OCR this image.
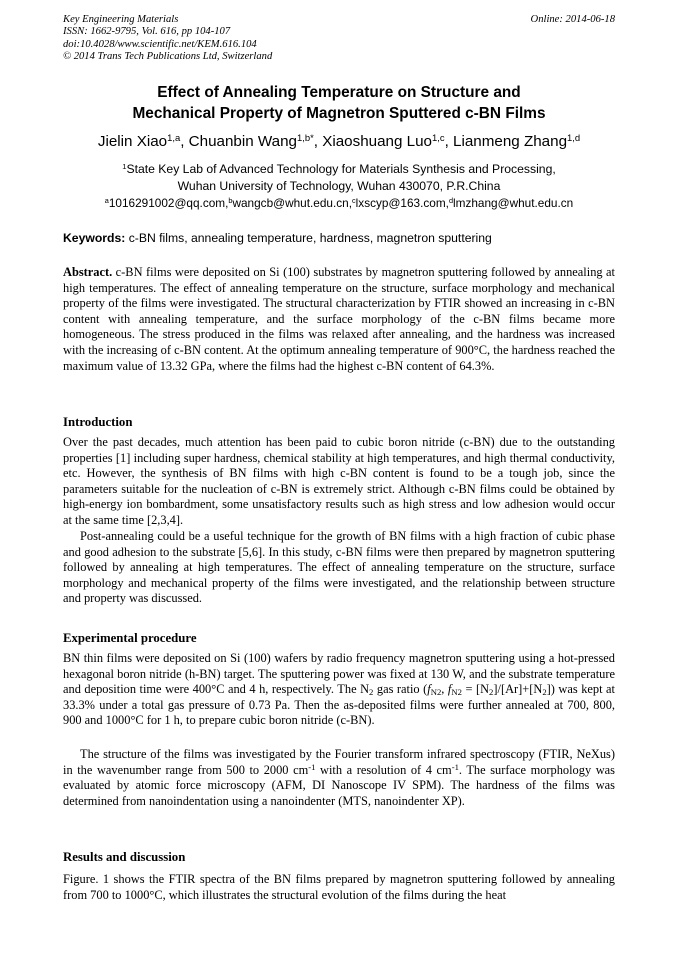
Key Engineering Materials
ISSN: 1662-9795, Vol. 616, pp 104-107
doi:10.4028/www.scientific.net/KEM.616.104
© 2014 Trans Tech Publications Ltd, Switzerland
Online: 2014-06-18
Effect of Annealing Temperature on Structure and
Mechanical Property of Magnetron Sputtered c-BN Films
Jielin Xiao$^{1,a}$, Chuanbin Wang$^{1,b*}$, Xiaoshuang Luo$^{1,c}$, Lianmeng Zhang$^{1,d}$
$^1$State Key Lab of Advanced Technology for Materials Synthesis and Processing,
Wuhan University of Technology, Wuhan 430070, P.R.China
$^a$1016291002@qq.com,$^b$wangcb@whut.edu.cn,$^c$lxscyp@163.com,$^d$lmzhang@whut.edu.cn
Keywords: c-BN films, annealing temperature, hardness, magnetron sputtering
Abstract. c-BN films were deposited on Si (100) substrates by magnetron sputtering followed by annealing at high temperatures. The effect of annealing temperature on the structure, surface morphology and mechanical property of the films were investigated. The structural characterization by FTIR showed an increasing in c-BN content with annealing temperature, and the surface morphology of the c-BN films became more homogeneous. The stress produced in the films was relaxed after annealing, and the hardness was increased with the increasing of c-BN content. At the optimum annealing temperature of 900°C, the hardness reached the maximum value of 13.32 GPa, where the films had the highest c-BN content of 64.3%.
Introduction
Over the past decades, much attention has been paid to cubic boron nitride (c-BN) due to the outstanding properties [1] including super hardness, chemical stability at high temperatures, and high thermal conductivity, etc. However, the synthesis of BN films with high c-BN content is found to be a tough job, since the parameters suitable for the nucleation of c-BN is extremely strict. Although c-BN films could be obtained by high-energy ion bombardment, some unsatisfactory results such as high stress and low adhesion would occur at the same time [2,3,4].
Post-annealing could be a useful technique for the growth of BN films with a high fraction of cubic phase and good adhesion to the substrate [5,6]. In this study, c-BN films were then prepared by magnetron sputtering followed by annealing at high temperatures. The effect of annealing temperature on the structure, surface morphology and mechanical property of the films were investigated, and the relationship between structure and property was discussed.
Experimental procedure
BN thin films were deposited on Si (100) wafers by radio frequency magnetron sputtering using a hot-pressed hexagonal boron nitride (h-BN) target. The sputtering power was fixed at 130 W, and the substrate temperature and deposition time were 400°C and 4 h, respectively. The $N_2$ gas ratio ($f_{N2}$, $f_{N2} = [N_2]/[Ar]+[N_2]$) was kept at 33.3% under a total gas pressure of 0.73 Pa. Then the as-deposited films were further annealed at 700, 800, 900 and 1000°C for 1 h, to prepare cubic boron nitride (c-BN).
The structure of the films was investigated by the Fourier transform infrared spectroscopy (FTIR, NeXus) in the wavenumber range from 500 to 2000 $cm^{-1}$ with a resolution of 4 $cm^{-1}$. The surface morphology was evaluated by atomic force microscopy (AFM, DI Nanoscope IV SPM). The hardness of the films was determined from nanoindentation using a nanoindenter (MTS, nanoindenter XP).
Results and discussion
Figure. 1 shows the FTIR spectra of the BN films prepared by magnetron sputtering followed by annealing from 700 to 1000°C, which illustrates the structural evolution of the films during the heat
